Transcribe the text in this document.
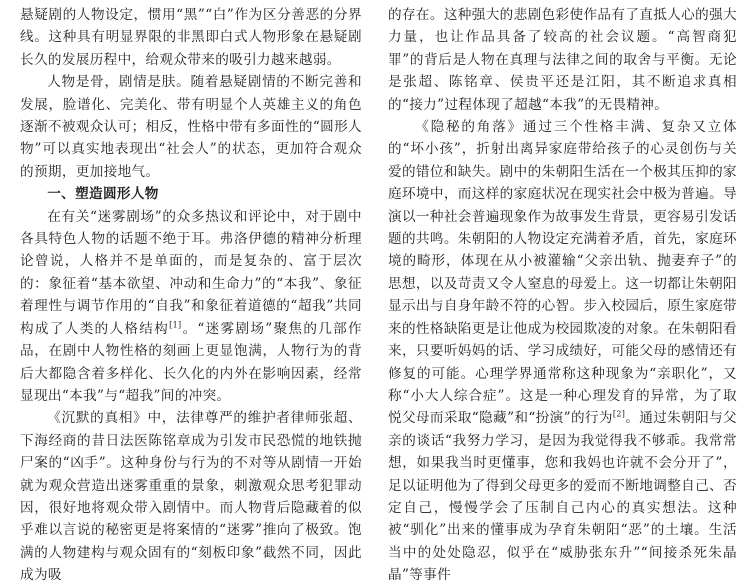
悬疑剧的人物设定，惯用“黑”“白”作为区分善恶的分界线。这种具有明显界限的非黑即白式人物形象在悬疑剧长久的发展历程中，给观众带来的吸引力越来越弱。

人物是骨，剧情是肤。随着悬疑剧情的不断完善和发展，脸谱化、完美化、带有明显个人英雄主义的角色逐渐不被观众认可；相反，性格中带有多面性的“圆形人物”可以真实地表现出“社会人”的状态，更加符合观众的预期，更加接地气。

一、塑造圆形人物

在有关“迷雾剧场”的众多热议和评论中，对于剧中各具特色人物的话题不绝于耳。弗洛伊德的精神分析理论曾说，人格并不是单面的，而是复杂的、富于层次的：象征着“基本欲望、冲动和生命力”的“本我”、象征着理性与调节作用的“自我”和象征着道德的“超我”共同构成了人类的人格结构[1]。“迷雾剧场”聚焦的几部作品，在剧中人物性格的刻画上更显饱满，人物行为的背后大都隐含着多样化、长久化的内外在影响因素，经常显现出“本我”与“超我”间的冲突。

《沉默的真相》中，法律尊严的维护者律师张超、下海经商的昔日法医陈铭章成为引发市民恐慌的地铁抛尸案的“凶手”。这种身份与行为的不对等从剧情一开始就为观众营造出迷雾重重的景象，刺激观众思考犯罪动因，很好地将观众带入剧情中。而人物背后隐藏着的似乎难以言说的秘密更是将案情的“迷雾”推向了极致。饱满的人物建构与观众固有的“刻板印象”截然不同，因此成为吸

的存在。这种强大的悲剧色彩使作品有了直抵人心的强大力量，也让作品具备了较高的社会议题。“高智商犯罪”的背后是人物在真理与法律之间的取舍与平衡。无论是张超、陈铭章、侯贵平还是江阳，其不断追求真相的“接力”过程体现了超越“本我”的无畏精神。

《隐秘的角落》通过三个性格丰满、复杂又立体的“坏小孩”，折射出离异家庭带给孩子的心灵创伤与关爱的错位和缺失。剧中的朱朝阳生活在一个极其压抑的家庭环境中，而这样的家庭状况在现实社会中极为普遍。导演以一种社会普遍现象作为故事发生背景，更容易引发话题的共鸣。朱朝阳的人物设定充满着矛盾，首先，家庭环境的畸形，体现在从小被灌输“父亲出轨、抛妻弃子”的思想，以及苛责又令人窒息的母爱上。这一切都让朱朝阳显示出与自身年龄不符的心智。步入校园后，原生家庭带来的性格缺陷更是让他成为校园欺凌的对象。在朱朝阳看来，只要听妈妈的话、学习成绩好，可能父母的感情还有修复的可能。心理学界通常称这种现象为“亲职化”，又称“小大人综合症”。这是一种心理发育的异常，为了取悦父母而采取“隐藏”和“扮演”的行为[2]。通过朱朝阳与父亲的谈话“我努力学习，是因为我觉得我不够乖。我常常想，如果我当时更懂事，您和我妈也许就不会分开了”，足以证明他为了得到父母更多的爱而不断地调整自己、否定自己，慢慢学会了压制自己内心的真实想法。这种被“驯化”出来的懂事成为孕育朱朝阳“恶”的土壤。生活当中的处处隐忍，似乎在“威胁张东升”“间接杀死朱晶晶”等事件
